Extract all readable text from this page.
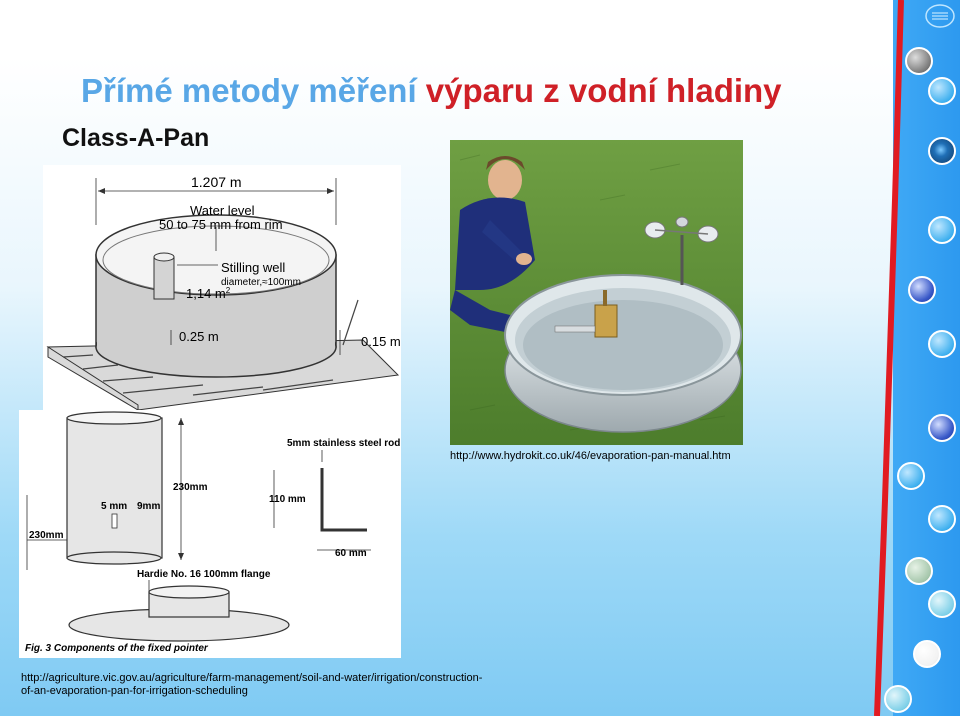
Přímé metody měření výparu z vodní hladiny
Class-A-Pan
1.207 m
Water level
50 to 75 mm from rim
Stilling well
diameter,≈100mm
1,14 $m^2$
0.25 m	0.15 m
5mm stainless steel rod
230mm
110 mm
5 mm 9mm
230mm
60 mm
Hardie No. 16 100mm flange
Fig. 3 Components of the fixed pointer
http://www.hydrokit.co.uk/46/evaporation-pan-manual.htm
http://agriculture.vic.gov.au/agriculture/farm-management/soil-and-water/irrigation/construction-
of-an-evaporation-pan-for-irrigation-scheduling
